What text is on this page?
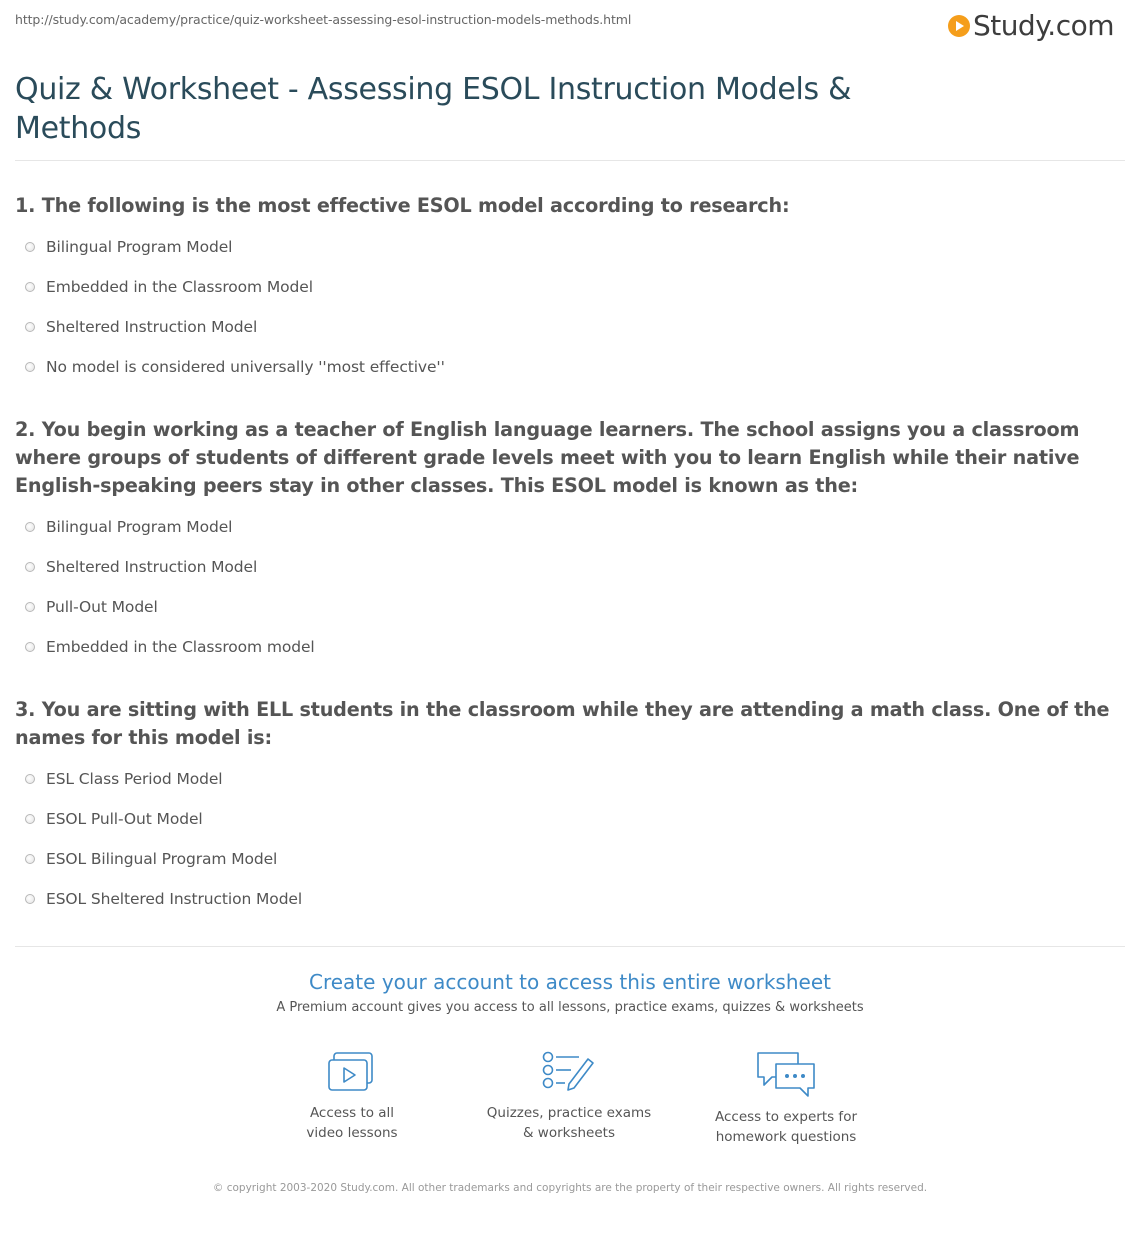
http://study.com/academy/practice/quiz-worksheet-assessing-esol-instruction-models-methods.html	Study.com
Quiz & Worksheet - Assessing ESOL Instruction Models & Methods

1. The following is the most effective ESOL model according to research:

Bilingual Program Model
Embedded in the Classroom Model
Sheltered Instruction Model
No model is considered universally ''most effective''

2. You begin working as a teacher of English language learners. The school assigns you a classroom where groups of students of different grade levels meet with you to learn English while their native English-speaking peers stay in other classes. This ESOL model is known as the:

Bilingual Program Model
Sheltered Instruction Model
Pull-Out Model
Embedded in the Classroom model

3. You are sitting with ELL students in the classroom while they are attending a math class. One of the names for this model is:

ESL Class Period Model
ESOL Pull-Out Model
ESOL Bilingual Program Model
ESOL Sheltered Instruction Model
Create your account to access this entire worksheet
A Premium account gives you access to all lessons, practice exams, quizzes & worksheets
Access to all
video lessons
Quizzes, practice exams
& worksheets
Access to experts for
homework questions
© copyright 2003-2020 Study.com. All other trademarks and copyrights are the property of their respective owners. All rights reserved.
